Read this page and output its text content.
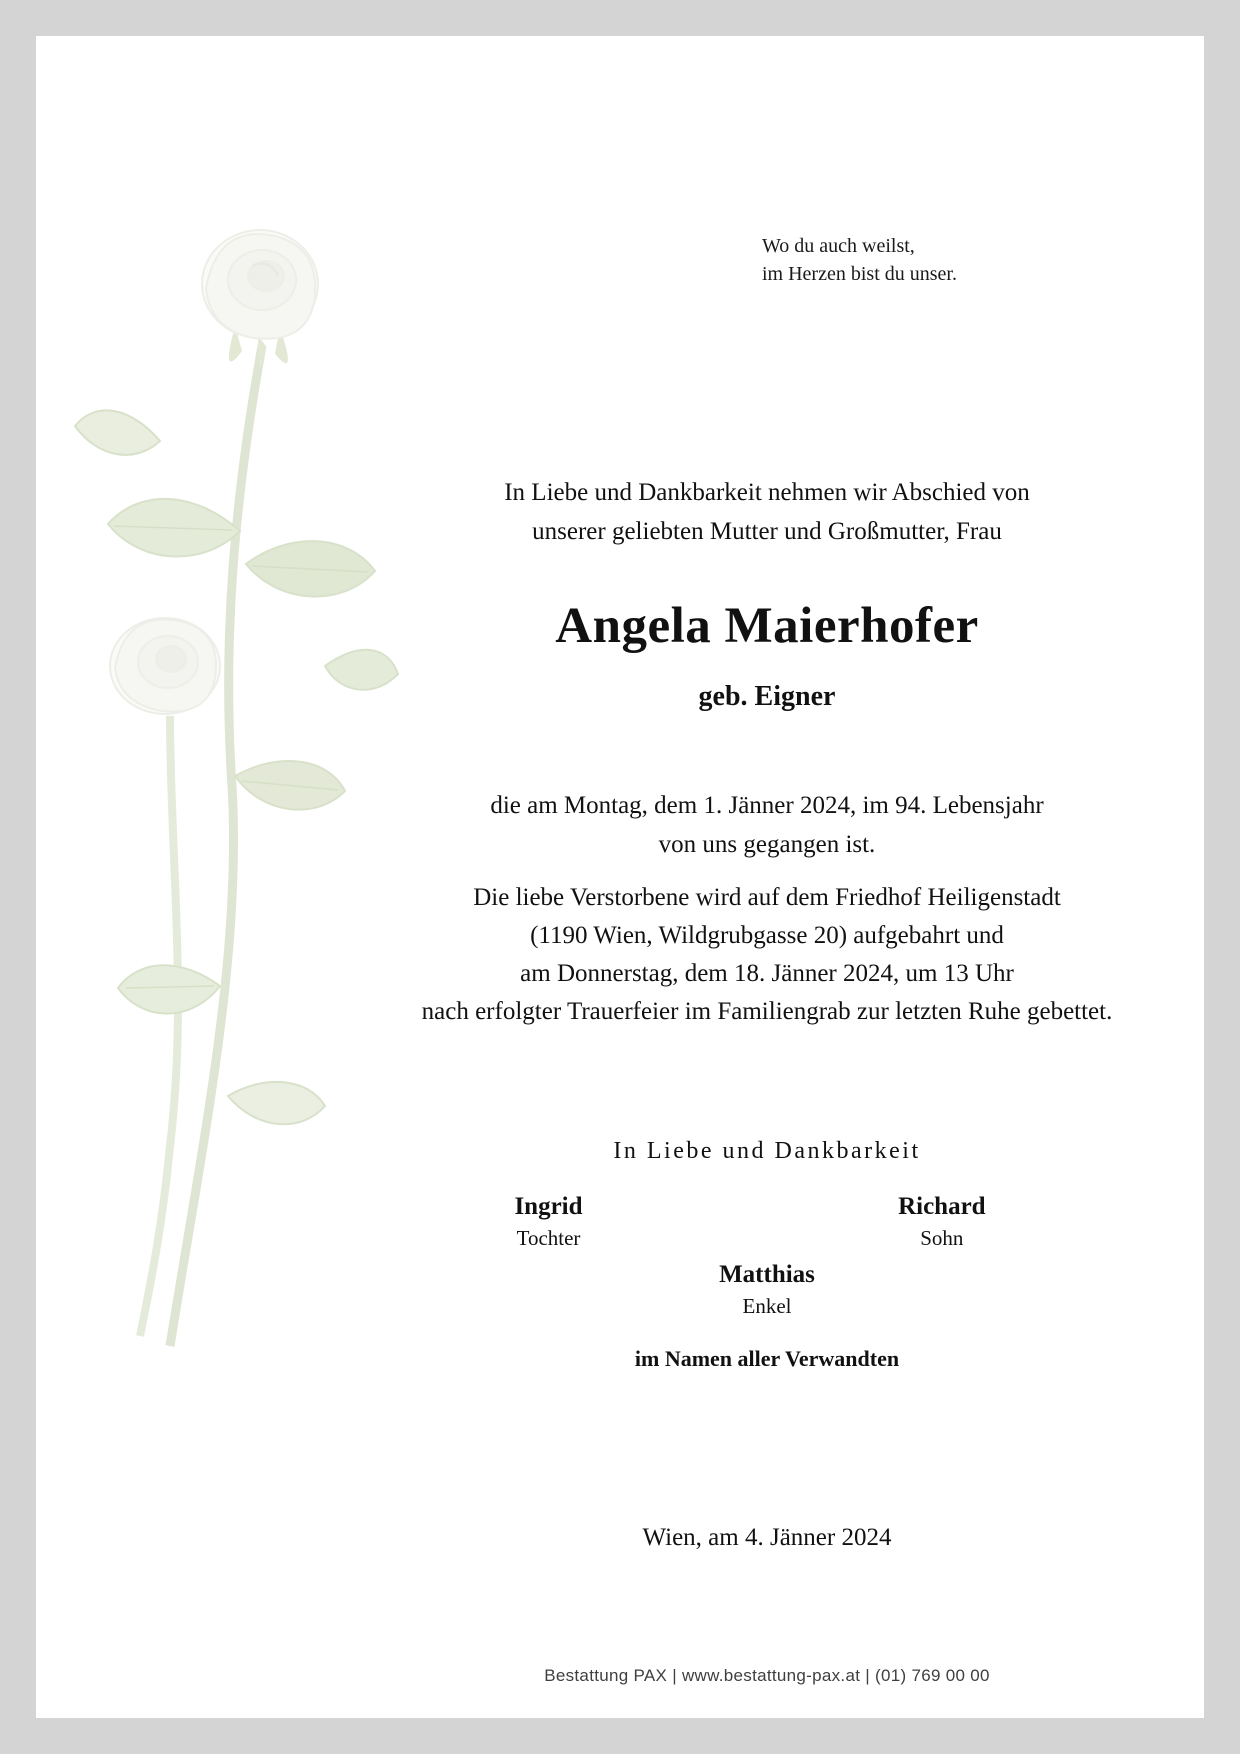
Wo du auch weilst,
im Herzen bist du unser.
In Liebe und Dankbarkeit nehmen wir Abschied von
unserer geliebten Mutter und Großmutter, Frau
Angela Maierhofer
geb. Eigner
die am Montag, dem 1. Jänner 2024, im 94. Lebensjahr
von uns gegangen ist.
Die liebe Verstorbene wird auf dem Friedhof Heiligenstadt
(1190 Wien, Wildgrubgasse 20) aufgebahrt und
am Donnerstag, dem 18. Jänner 2024, um 13 Uhr
nach erfolgter Trauerfeier im Familiengrab zur letzten Ruhe gebettet.
In Liebe und Dankbarkeit
Ingrid
Tochter
Richard
Sohn
Matthias
Enkel
im Namen aller Verwandten
Wien, am 4. Jänner 2024
Bestattung PAX | www.bestattung-pax.at | (01) 769 00 00
